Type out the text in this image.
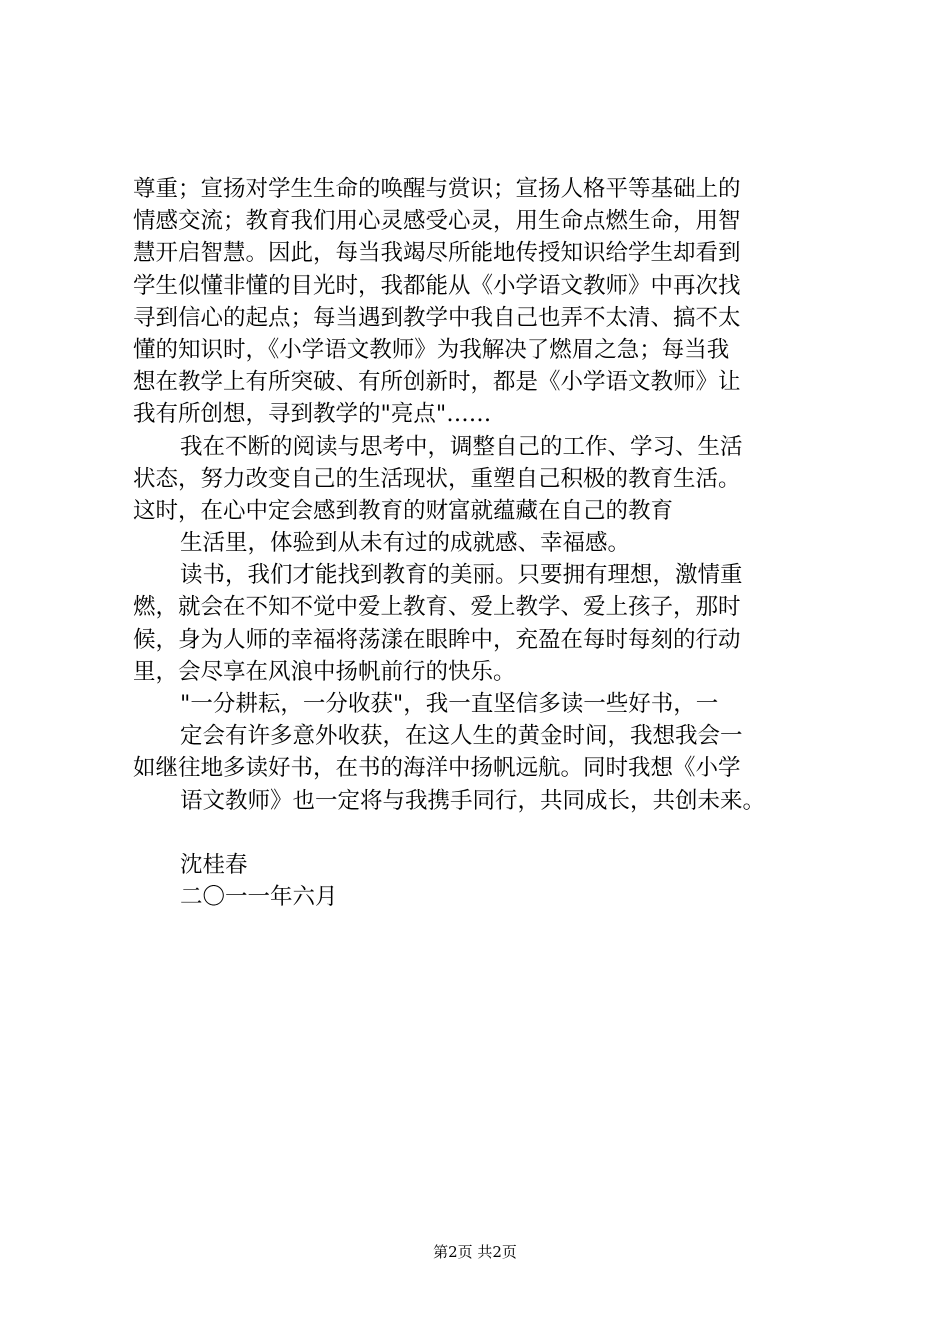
尊重；宣扬对学生生命的唤醒与赏识；宣扬人格平等基础上的
情感交流；教育我们用心灵感受心灵，用生命点燃生命，用智
慧开启智慧。因此，每当我竭尽所能地传授知识给学生却看到
学生似懂非懂的目光时，我都能从《小学语文教师》中再次找
寻到信心的起点；每当遇到教学中我自己也弄不太清、搞不太
懂的知识时，《小学语文教师》为我解决了燃眉之急；每当我
想在教学上有所突破、有所创新时，都是《小学语文教师》让
我有所创想，寻到教学的"亮点"……
我在不断的阅读与思考中，调整自己的工作、学习、生活
状态，努力改变自己的生活现状，重塑自己积极的教育生活。
这时，在心中定会感到教育的财富就蕴藏在自己的教育
生活里，体验到从未有过的成就感、幸福感。
读书，我们才能找到教育的美丽。只要拥有理想，激情重
燃，就会在不知不觉中爱上教育、爱上教学、爱上孩子，那时
候，身为人师的幸福将荡漾在眼眸中，充盈在每时每刻的行动
里，会尽享在风浪中扬帆前行的快乐。
"一分耕耘，一分收获"，我一直坚信多读一些好书，一
定会有许多意外收获，在这人生的黄金时间，我想我会一
如继往地多读好书，在书的海洋中扬帆远航。同时我想《小学
语文教师》也一定将与我携手同行，共同成长，共创未来。
沈桂春
二〇一一年六月
第2页 共2页
